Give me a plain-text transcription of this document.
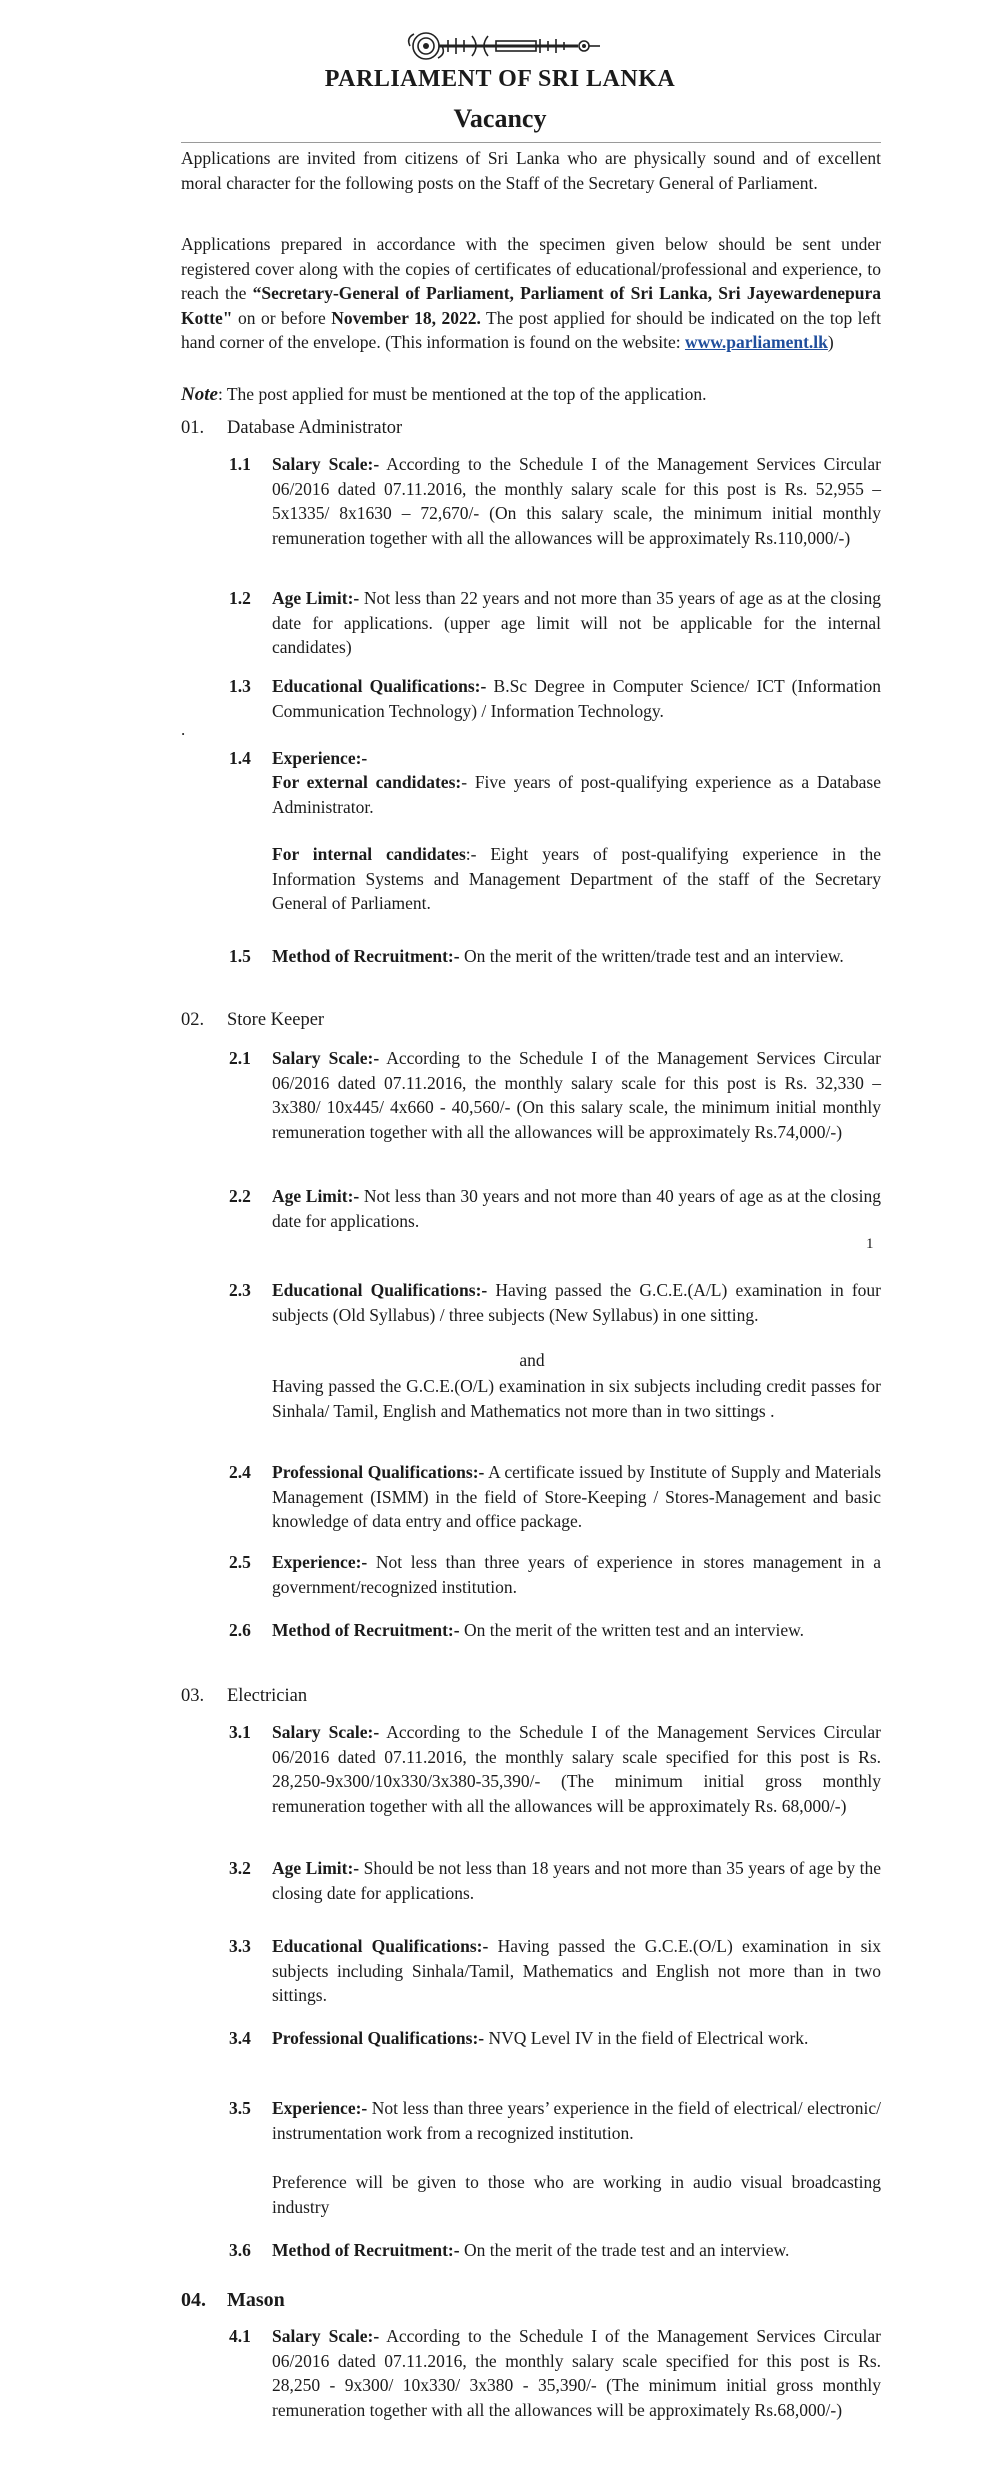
PARLIAMENT OF SRI LANKA
Vacancy

Applications are invited from citizens of Sri Lanka who are physically sound and of excellent moral character for the following posts on the Staff of the Secretary General of Parliament.

Applications prepared in accordance with the specimen given below should be sent under registered cover along with the copies of certificates of educational/professional and experience, to reach the “Secretary-General of Parliament, Parliament of Sri Lanka, Sri Jayewardenepura Kotte" on or before November 18, 2022. The post applied for should be indicated on the top left hand corner of the envelope. (This information is found on the website: www.parliament.lk)

Note: The post applied for must be mentioned at the top of the application.
01. Database Administrator
1.1 Salary Scale:- According to the Schedule I of the Management Services Circular 06/2016 dated 07.11.2016, the monthly salary scale for this post is Rs. 52,955 – 5x1335/ 8x1630 – 72,670/- (On this salary scale, the minimum initial monthly remuneration together with all the allowances will be approximately Rs.110,000/-)
1.2 Age Limit:- Not less than 22 years and not more than 35 years of age as at the closing date for applications. (upper age limit will not be applicable for the internal candidates)
1.3 Educational Qualifications:- B.Sc Degree in Computer Science/ ICT (Information Communication Technology) / Information Technology.
.
1.4 Experience:-
For external candidates:- Five years of post-qualifying experience as a Database Administrator.
For internal candidates:- Eight years of post-qualifying experience in the Information Systems and Management Department of the staff of the Secretary General of Parliament.
1.5 Method of Recruitment:- On the merit of the written/trade test and an interview.
02. Store Keeper
2.1 Salary Scale:- According to the Schedule I of the Management Services Circular 06/2016 dated 07.11.2016, the monthly salary scale for this post is Rs. 32,330 – 3x380/ 10x445/ 4x660 - 40,560/- (On this salary scale, the minimum initial monthly remuneration together with all the allowances will be approximately Rs.74,000/-)
2.2 Age Limit:- Not less than 30 years and not more than 40 years of age as at the closing date for applications.
1
2.3 Educational Qualifications:- Having passed the G.C.E.(A/L) examination in four subjects (Old Syllabus) / three subjects (New Syllabus) in one sitting.
and
Having passed the G.C.E.(O/L) examination in six subjects including credit passes for Sinhala/ Tamil, English and Mathematics not more than in two sittings .
2.4 Professional Qualifications:- A certificate issued by Institute of Supply and Materials Management (ISMM) in the field of Store-Keeping / Stores-Management and basic knowledge of data entry and office package.
2.5 Experience:- Not less than three years of experience in stores management in a government/recognized institution.
2.6 Method of Recruitment:- On the merit of the written test and an interview.
03. Electrician
3.1 Salary Scale:- According to the Schedule I of the Management Services Circular 06/2016 dated 07.11.2016, the monthly salary scale specified for this post is Rs. 28,250-9x300/10x330/3x380-35,390/- (The minimum initial gross monthly remuneration together with all the allowances will be approximately Rs. 68,000/-)
3.2 Age Limit:- Should be not less than 18 years and not more than 35 years of age by the closing date for applications.
3.3 Educational Qualifications:- Having passed the G.C.E.(O/L) examination in six subjects including Sinhala/Tamil, Mathematics and English not more than in two sittings.
3.4 Professional Qualifications:- NVQ Level IV in the field of Electrical work.
3.5 Experience:- Not less than three years’ experience in the field of electrical/ electronic/ instrumentation work from a recognized institution.
Preference will be given to those who are working in audio visual broadcasting industry
3.6 Method of Recruitment:- On the merit of the trade test and an interview.
04. Mason
4.1 Salary Scale:- According to the Schedule I of the Management Services Circular 06/2016 dated 07.11.2016, the monthly salary scale specified for this post is Rs. 28,250 - 9x300/ 10x330/ 3x380 - 35,390/- (The minimum initial gross monthly remuneration together with all the allowances will be approximately Rs.68,000/-)
